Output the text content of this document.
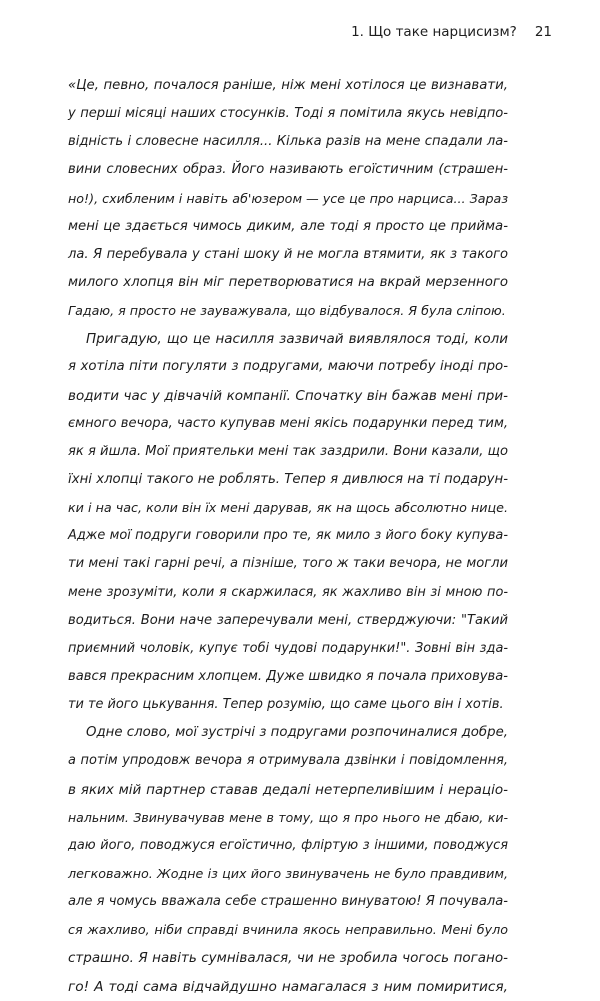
1. Що таке нарцисизм? 21
«Це, певно, почалося раніше, ніж мені хотілося це визнавати,
у перші місяці наших стосунків. Тоді я помітила якусь невідпо-
відність і словесне насилля... Кілька разів на мене спадали ла-
вини словесних образ. Його називають егоїстичним (страшен-
но!), схибленим і навіть аб'юзером — усе це про нарциса... Зараз
мені це здається чимось диким, але тоді я просто це прийма-
ла. Я перебувала у стані шоку й не могла втямити, як з такого
милого хлопця він міг перетворюватися на вкрай мерзенного
Гадаю, я просто не зауважувала, що відбувалося. Я була сліпою.
Пригадую, що це насилля зазвичай виявлялося тоді, коли
я хотіла піти погуляти з подругами, маючи потребу іноді про-
водити час у дівчачій компанії. Спочатку він бажав мені при-
ємного вечора, часто купував мені якісь подарунки перед тим,
як я йшла. Мої приятельки мені так заздрили. Вони казали, що
їхні хлопці такого не роблять. Тепер я дивлюся на ті подарун-
ки і на час, коли він їх мені дарував, як на щось абсолютно нице.
Адже мої подруги говорили про те, як мило з його боку купува-
ти мені такі гарні речі, а пізніше, того ж таки вечора, не могли
мене зрозуміти, коли я скаржилася, як жахливо він зі мною по-
водиться. Вони наче заперечували мені, стверджуючи: "Такий
приємний чоловік, купує тобі чудові подарунки!". Зовні він зда-
вався прекрасним хлопцем. Дуже швидко я почала приховува-
ти те його цькування. Тепер розумію, що саме цього він і хотів.
Одне слово, мої зустрічі з подругами розпочиналися добре,
а потім упродовж вечора я отримувала дзвінки і повідомлення,
в яких мій партнер ставав дедалі нетерпеливішим і нераціо-
нальним. Звинувачував мене в тому, що я про нього не дбаю, ки-
даю його, поводжуся егоїстично, фліртую з іншими, поводжуся
легковажно. Жодне із цих його звинувачень не було правдивим,
але я чомусь вважала себе страшенно винуватою! Я почувала-
ся жахливо, ніби справді вчинила якось неправильно. Мені було
страшно. Я навіть сумнівалася, чи не зробила чогось погано-
го! А тоді сама відчайдушно намагалася з ним помиритися,
